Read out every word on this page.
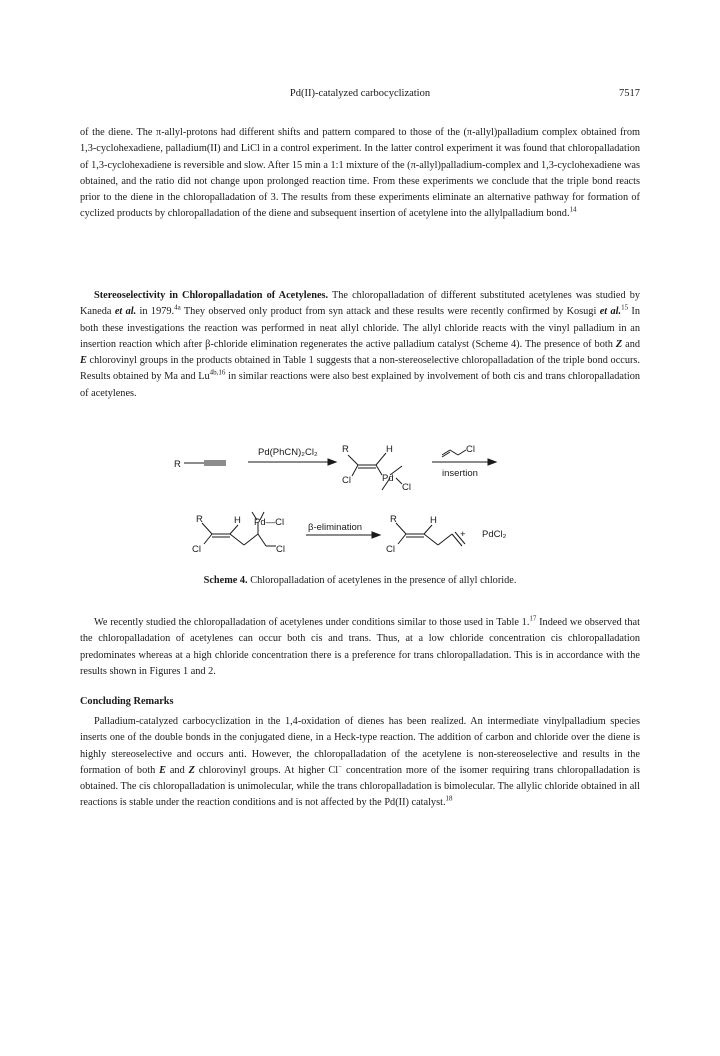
Pd(II)-catalyzed carbocyclization	7517

of the diene. The π-allyl-protons had different shifts and pattern compared to those of the (π-allyl)palladium complex obtained from 1,3-cyclohexadiene, palladium(II) and LiCl in a control experiment. In the latter control experiment it was found that chloropalladation of 1,3-cyclohexadiene is reversible and slow. After 15 min a 1:1 mixture of the (π-allyl)palladium-complex and 1,3-cyclohexadiene was obtained, and the ratio did not change upon prolonged reaction time. From these experiments we conclude that the triple bond reacts prior to the diene in the chloropalladation of 3. The results from these experiments eliminate an alternative pathway for formation of cyclized products by chloropalladation of the diene and subsequent insertion of acetylene into the allylpalladium bond.$^{14}$

Stereoselectivity in Chloropalladation of Acetylenes. The chloropalladation of different substituted acetylenes was studied by Kaneda et al. in 1979.$^{4a}$ They observed only product from syn attack and these results were recently confirmed by Kosugi et al.$^{15}$ In both these investigations the reaction was performed in neat allyl chloride. The allyl chloride reacts with the vinyl palladium in an insertion reaction which after β-chloride elimination regenerates the active palladium catalyst (Scheme 4). The presence of both Z and E chlorovinyl groups in the products obtained in Table 1 suggests that a non-stereoselective chloropalladation of the triple bond occurs. Results obtained by Ma and $Lu^{4b,16}$ in similar reactions were also best explained by involvement of both cis and trans chloropalladation of acetylenes.

R
Pd(PhCN)₂Cl₂	R	H
Cl	Pd
Cl
Cl
insertion
R	H
Cl
Pd—Cl
Cl
β-elimination
R	H
Cl
+ PdCl₂
Scheme 4. Chloropalladation of acetylenes in the presence of allyl chloride.

We recently studied the chloropalladation of acetylenes under conditions similar to those used in Table 1.17 Indeed we observed that the chloropalladation of acetylenes can occur both cis and trans. Thus, at a low chloride concentration cis chloropalladation predominates whereas at a high chloride concentration there is a preference for trans chloropalladation. This is in accordance with the results shown in Figures 1 and 2.

Concluding Remarks

Palladium-catalyzed carbocyclization in the 1,4-oxidation of dienes has been realized. An intermediate vinylpalladium species inserts one of the double bonds in the conjugated diene, in a Heck-type reaction. The addition of carbon and chloride over the diene is highly stereoselective and occurs anti. However, the chloropalladation of the acetylene is non-stereoselective and results in the formation of both E and Z chlorovinyl groups. At higher Cl− concentration more of the isomer requiring trans chloropalladation is obtained. The cis chloropalladation is unimolecular, while the trans chloropalladation is bimolecular. The allylic chloride obtained in all reactions is stable under the reaction conditions and is not affected by the Pd(II) catalyst.$^{18}$
